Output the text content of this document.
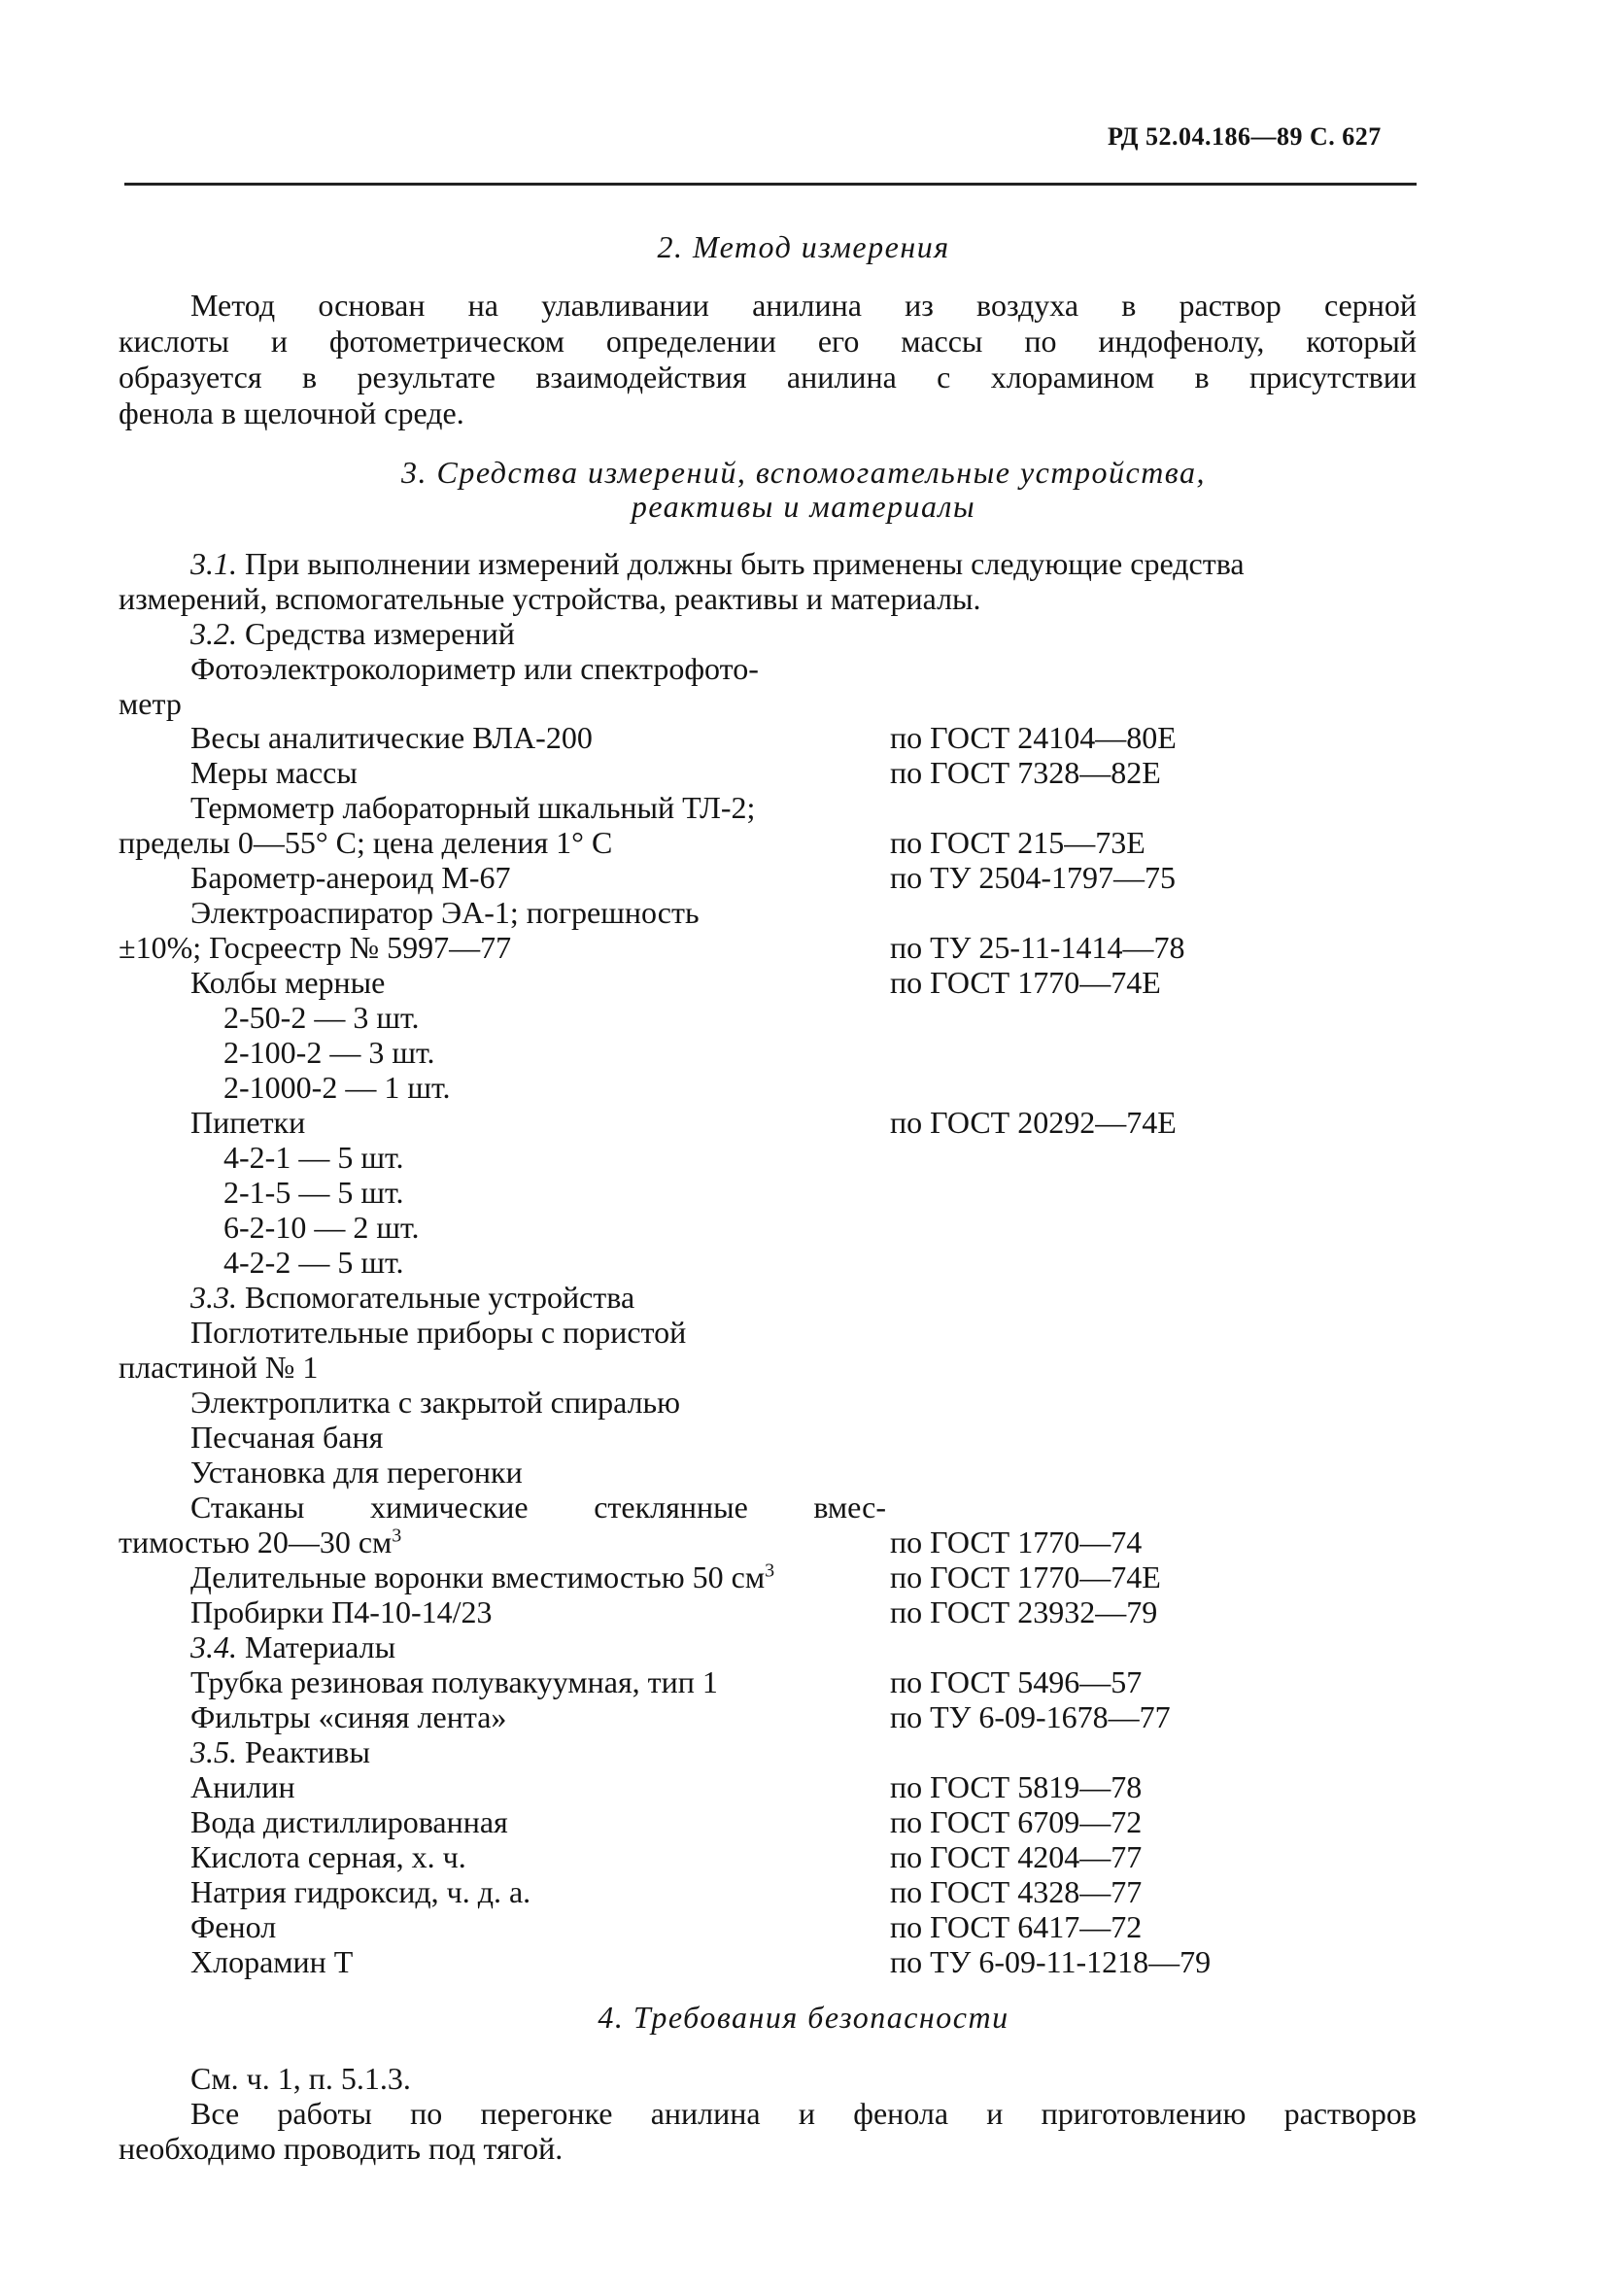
РД 52.04.186—89 С. 627
2. Метод измерения
Метод основан на улавливании анилина из воздуха в раствор серной
кислоты и фотометрическом определении его массы по индофенолу, который
образуется в результате взаимодействия анилина с хлорамином в присутствии
фенола в щелочной среде.
3. Средства измерений, вспомогательные устройства,
реактивы и материалы
3.1. При выполнении измерений должны быть применены следующие средства
измерений, вспомогательные устройства, реактивы и материалы.
3.2. Средства измерений
Фотоэлектроколориметр или спектрофото-
метр
Весы аналитические ВЛА-200	по ГОСТ 24104—80Е
Меры массы	по ГОСТ 7328—82Е
Термометр лабораторный шкальный ТЛ-2;
пределы 0—55° С; цена деления 1° С	по ГОСТ 215—73Е
Барометр-анероид М-67	по ТУ 2504-1797—75
Электроаспиратор ЭА-1; погрешность
±10%; Госреестр № 5997—77	по ТУ 25-11-1414—78
Колбы мерные	по ГОСТ 1770—74Е
2-50-2 — 3 шт.
2-100-2 — 3 шт.
2-1000-2 — 1 шт.
Пипетки	по ГОСТ 20292—74Е
4-2-1 — 5 шт.
2-1-5 — 5 шт.
6-2-10 — 2 шт.
4-2-2 — 5 шт.
3.3. Вспомогательные устройства
Поглотительные приборы с пористой
пластиной № 1
Электроплитка с закрытой спиралью
Песчаная баня
Установка для перегонки
Стаканы химические стеклянные вмес-
тимостью 20—30 $см^3$	по ГОСТ 1770—74
Делительные воронки вместимостью 50 $см^3$	по ГОСТ 1770—74Е
Пробирки П4-10-14/23	по ГОСТ 23932—79
3.4. Материалы
Трубка резиновая полувакуумная, тип 1	по ГОСТ 5496—57
Фильтры «синяя лента»	по ТУ 6-09-1678—77
3.5. Реактивы
Анилин	по ГОСТ 5819—78
Вода дистиллированная	по ГОСТ 6709—72
Кислота серная, х. ч.	по ГОСТ 4204—77
Натрия гидроксид, ч. д. а.	по ГОСТ 4328—77
Фенол	по ГОСТ 6417—72
Хлорамин Т	по ТУ 6-09-11-1218—79
4. Требования безопасности
См. ч. 1, п. 5.1.3.
Все работы по перегонке анилина и фенола и приготовлению растворов
необходимо проводить под тягой.
